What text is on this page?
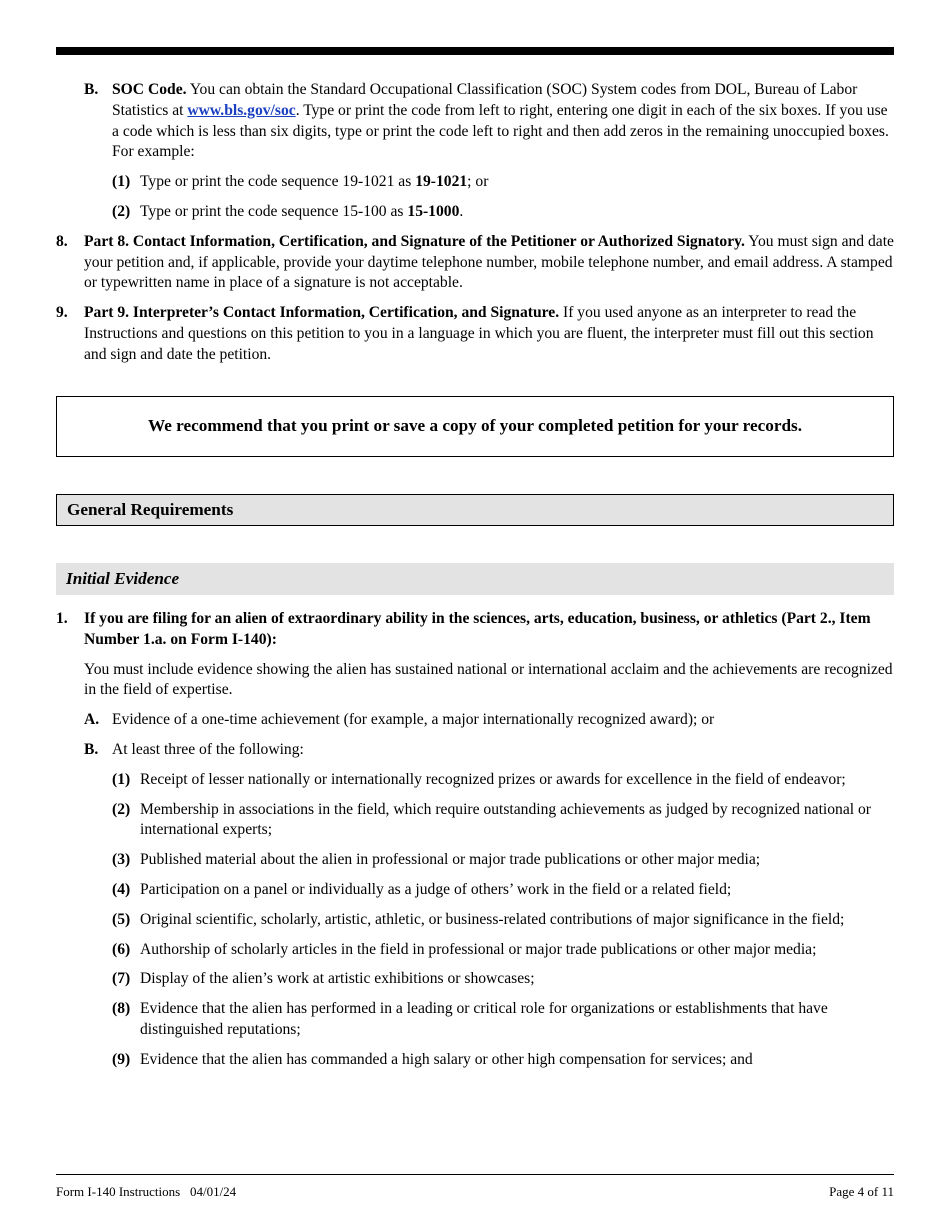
B. SOC Code. You can obtain the Standard Occupational Classification (SOC) System codes from DOL, Bureau of Labor Statistics at www.bls.gov/soc. Type or print the code from left to right, entering one digit in each of the six boxes. If you use a code which is less than six digits, type or print the code left to right and then add zeros in the remaining unoccupied boxes. For example:
(1) Type or print the code sequence 19-1021 as 19-1021; or
(2) Type or print the code sequence 15-100 as 15-1000.
8.	Part 8. Contact Information, Certification, and Signature of the Petitioner or Authorized Signatory. You must sign and date your petition and, if applicable, provide your daytime telephone number, mobile telephone number, and email address. A stamped or typewritten name in place of a signature is not acceptable.
9.	Part 9. Interpreter’s Contact Information, Certification, and Signature. If you used anyone as an interpreter to read the Instructions and questions on this petition to you in a language in which you are fluent, the interpreter must fill out this section and sign and date the petition.
We recommend that you print or save a copy of your completed petition for your records.
General Requirements
Initial Evidence
1.	If you are filing for an alien of extraordinary ability in the sciences, arts, education, business, or athletics (Part 2., Item Number 1.a. on Form I-140):
You must include evidence showing the alien has sustained national or international acclaim and the achievements are recognized in the field of expertise.
A. Evidence of a one-time achievement (for example, a major internationally recognized award); or
B. At least three of the following:
(1) Receipt of lesser nationally or internationally recognized prizes or awards for excellence in the field of endeavor;
(2) Membership in associations in the field, which require outstanding achievements as judged by recognized national or international experts;
(3) Published material about the alien in professional or major trade publications or other major media;
(4) Participation on a panel or individually as a judge of others’ work in the field or a related field;
(5) Original scientific, scholarly, artistic, athletic, or business-related contributions of major significance in the field;
(6) Authorship of scholarly articles in the field in professional or major trade publications or other major media;
(7) Display of the alien’s work at artistic exhibitions or showcases;
(8) Evidence that the alien has performed in a leading or critical role for organizations or establishments that have distinguished reputations;
(9) Evidence that the alien has commanded a high salary or other high compensation for services; and
Form I-140 Instructions   04/01/24	Page 4 of 11
